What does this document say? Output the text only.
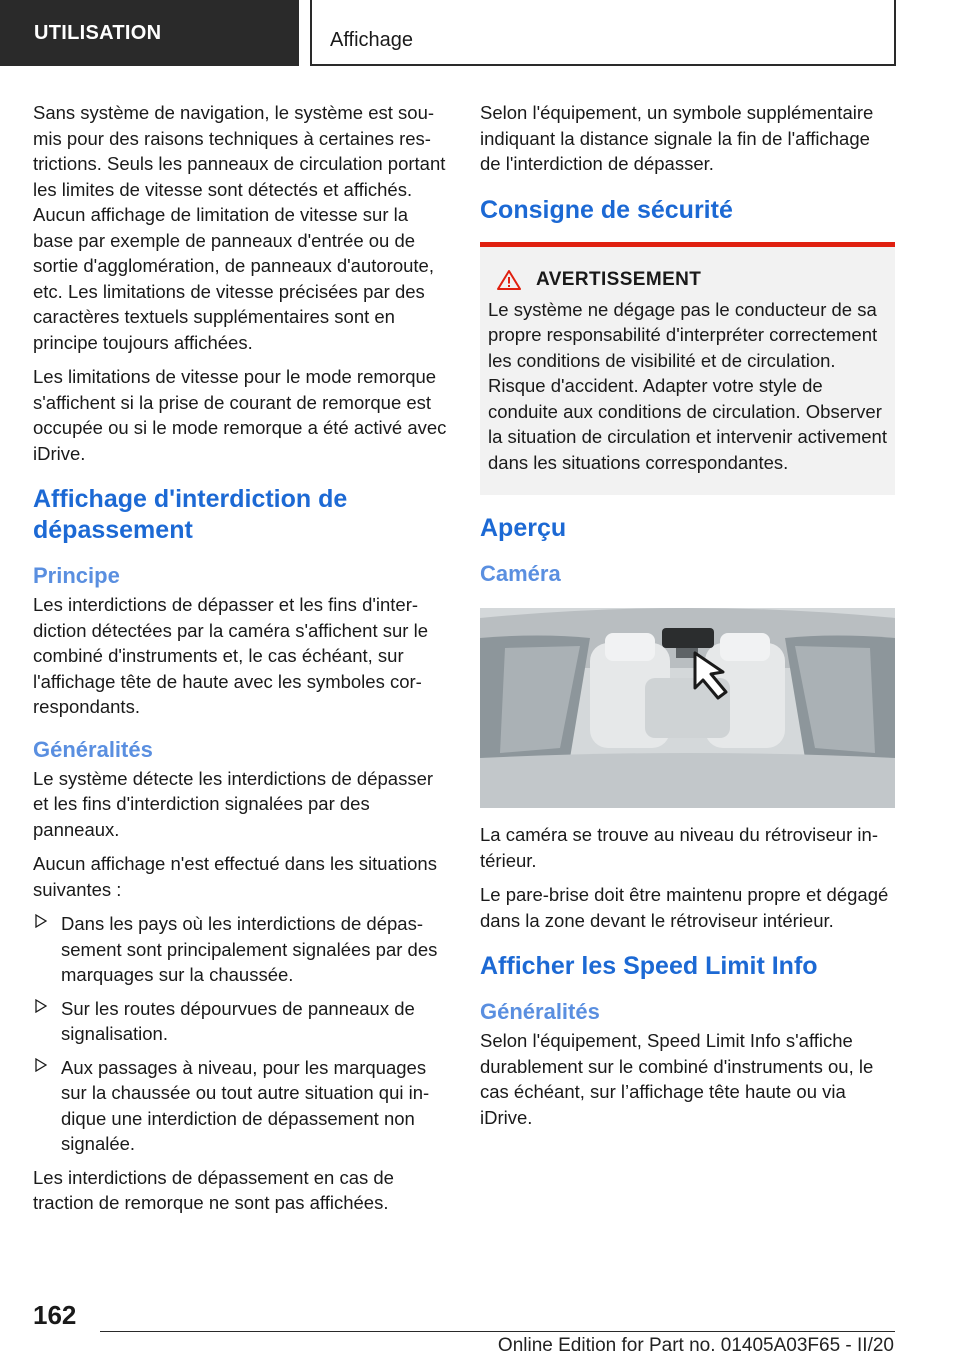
UTILISATION	Affichage

Sans système de navigation, le système est soumis pour des raisons techniques à certaines restrictions. Seuls les panneaux de circulation portant les limites de vitesse sont détectés et affichés. Aucun affichage de limitation de vitesse sur la base par exemple de panneaux d'entrée ou de sortie d'agglomération, de panneaux d'autoroute, etc. Les limitations de vitesse précisées par des caractères textuels supplémentaires sont en principe toujours affichées.

Les limitations de vitesse pour le mode remorque s'affichent si la prise de courant de remorque est occupée ou si le mode remorque a été activé avec iDrive.

Affichage d'interdiction de dépassement
Principe

Les interdictions de dépasser et les fins d'interdiction détectées par la caméra s'affichent sur le combiné d'instruments et, le cas échéant, sur l'affichage tête de haute avec les symboles correspondants.

Généralités

Le système détecte les interdictions de dépasser et les fins d'interdiction signalées par des panneaux.

Aucun affichage n'est effectué dans les situations suivantes :

Dans les pays où les interdictions de dépassement sont principalement signalées par des marquages sur la chaussée.
Sur les routes dépourvues de panneaux de signalisation.
Aux passages à niveau, pour les marquages sur la chaussée ou tout autre situation qui indique une interdiction de dépassement non signalée.

Les interdictions de dépassement en cas de traction de remorque ne sont pas affichées.

Selon l'équipement, un symbole supplémentaire indiquant la distance signale la fin de l'affichage de l'interdiction de dépasser.

Consigne de sécurité
AVERTISSEMENT

Le système ne dégage pas le conducteur de sa propre responsabilité d'interpréter correctement les conditions de visibilité et de circulation. Risque d'accident. Adapter votre style de conduite aux conditions de circulation. Observer la situation de circulation et intervenir activement dans les situations correspondantes.

Aperçu
Caméra

La caméra se trouve au niveau du rétroviseur intérieur.

Le pare-brise doit être maintenu propre et dégagé dans la zone devant le rétroviseur intérieur.

Afficher les Speed Limit Info
Généralités

Selon l'équipement, Speed Limit Info s'affiche durablement sur le combiné d'instruments ou, le cas échéant, sur l’affichage tête haute ou via iDrive.

162
Online Edition for Part no. 01405A03F65 - II/20
